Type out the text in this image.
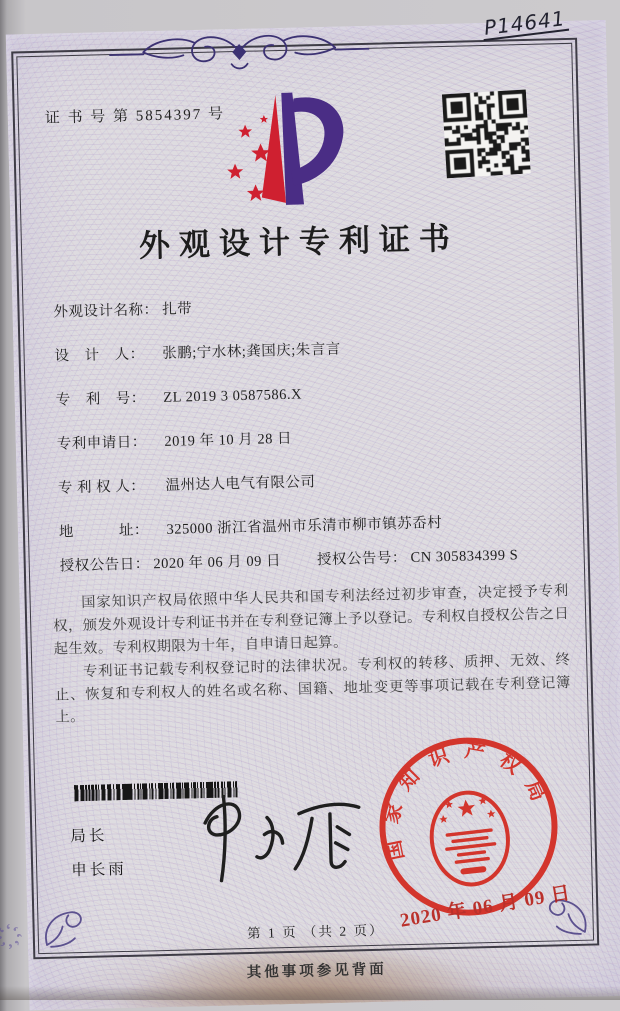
P14641
证 书 号 第 5854397 号
外观设计专利证书
外观设计名称： 扎带
设　计　人： 张鹏;宁水林;龚国庆;朱言言
专　利　号： ZL 2019 3 0587586.X
专利申请日： 2019 年 10 月 28 日
专 利 权 人： 温州达人电气有限公司
地　　　址： 325000 浙江省温州市乐清市柳市镇苏岙村
授权公告日： 2020 年 06 月 09 日 授权公告号： CN 305834399 S

国家知识产权局依照中华人民共和国专利法经过初步审查，决定授予专利权，颁发外观设计专利证书并在专利登记簿上予以登记。专利权自授权公告之日起生效。专利权期限为十年，自申请日起算。

专利证书记载专利权登记时的法律状况。专利权的转移、质押、无效、终止、恢复和专利权人的姓名或名称、国籍、地址变更等事项记载在专利登记簿上。

局长
申长雨
国家知识产权局
2020 年 06 月 09 日
第 1 页 （共 2 页）
其他事项参见背面
҉҉
